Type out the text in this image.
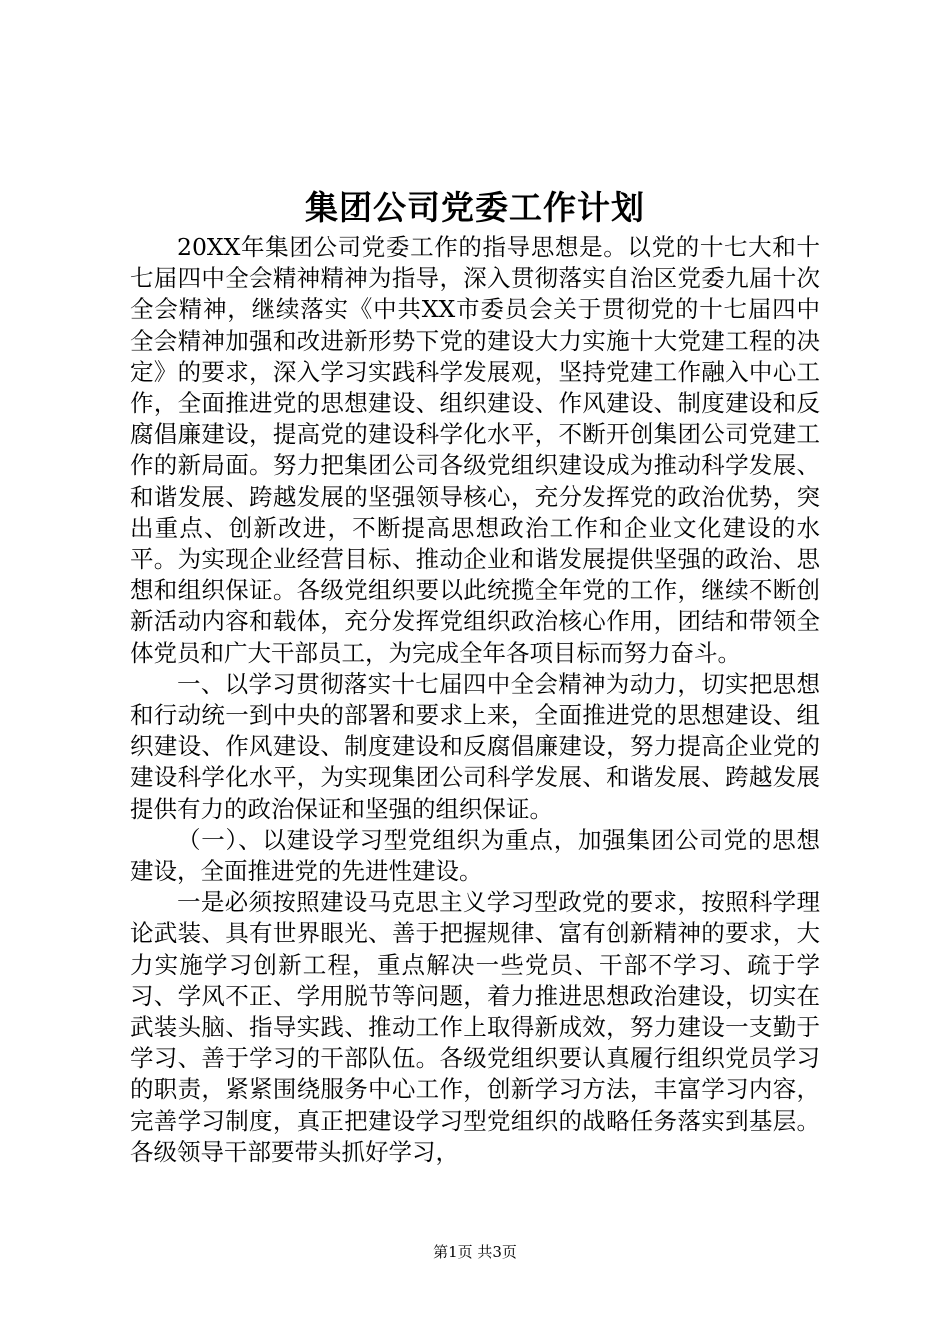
集团公司党委工作计划

20XX年集团公司党委工作的指导思想是。以党的十七大和十七届四中全会精神精神为指导，深入贯彻落实自治区党委九届十次全会精神，继续落实《中共XX市委员会关于贯彻党的十七届四中全会精神加强和改进新形势下党的建设大力实施十大党建工程的决定》的要求，深入学习实践科学发展观，坚持党建工作融入中心工作，全面推进党的思想建设、组织建设、作风建设、制度建设和反腐倡廉建设，提高党的建设科学化水平，不断开创集团公司党建工作的新局面。努力把集团公司各级党组织建设成为推动科学发展、和谐发展、跨越发展的坚强领导核心，充分发挥党的政治优势，突出重点、创新改进，不断提高思想政治工作和企业文化建设的水平。为实现企业经营目标、推动企业和谐发展提供坚强的政治、思想和组织保证。各级党组织要以此统揽全年党的工作，继续不断创新活动内容和载体，充分发挥党组织政治核心作用，团结和带领全体党员和广大干部员工，为完成全年各项目标而努力奋斗。

一、以学习贯彻落实十七届四中全会精神为动力，切实把思想和行动统一到中央的部署和要求上来，全面推进党的思想建设、组织建设、作风建设、制度建设和反腐倡廉建设，努力提高企业党的建设科学化水平，为实现集团公司科学发展、和谐发展、跨越发展提供有力的政治保证和坚强的组织保证。

（一）、以建设学习型党组织为重点，加强集团公司党的思想建设，全面推进党的先进性建设。

一是必须按照建设马克思主义学习型政党的要求，按照科学理论武装、具有世界眼光、善于把握规律、富有创新精神的要求，大力实施学习创新工程，重点解决一些党员、干部不学习、疏于学习、学风不正、学用脱节等问题，着力推进思想政治建设，切实在武装头脑、指导实践、推动工作上取得新成效，努力建设一支勤于学习、善于学习的干部队伍。各级党组织要认真履行组织党员学习的职责，紧紧围绕服务中心工作，创新学习方法，丰富学习内容，完善学习制度，真正把建设学习型党组织的战略任务落实到基层。各级领导干部要带头抓好学习，

第1页 共3页
